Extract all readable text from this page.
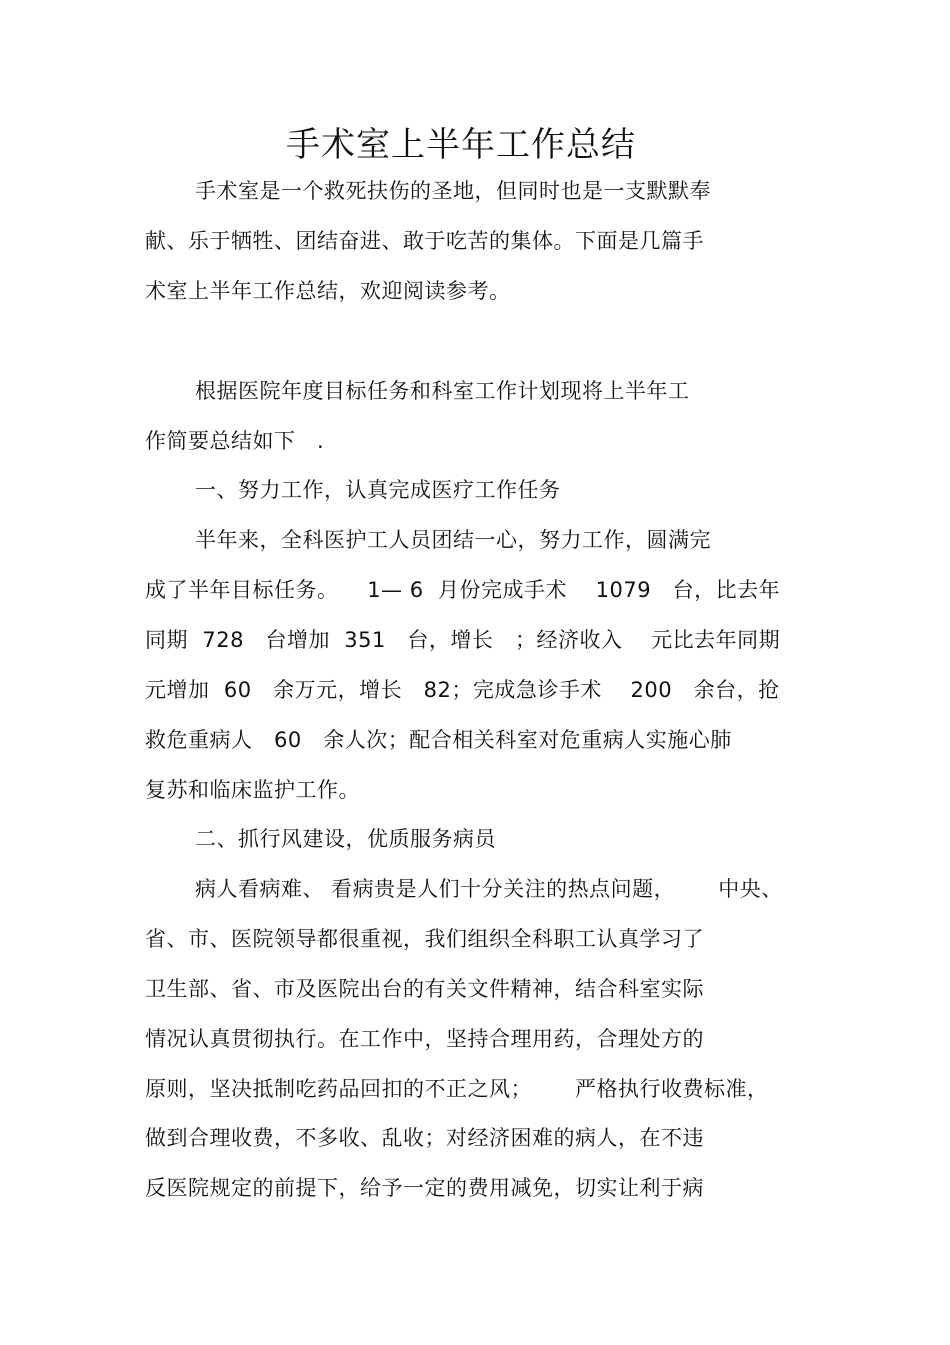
手术室上半年工作总结
手术室是一个救死扶伤的圣地，但同时也是一支默默奉
献、乐于牺牲、团结奋进、敢于吃苦的集体。下面是几篇手
术室上半年工作总结，欢迎阅读参考。
根据医院年度目标任务和科室工作计划现将上半年工
作简要总结如下   .
一、努力工作，认真完成医疗工作任务
半年来，全科医护工人员团结一心，努力工作，圆满完
成了半年目标任务。    1— 6  月份完成手术    1079   台，比去年
同期  728   台增加  351   台，增长   ；经济收入    元比去年同期
元增加  60   余万元，增长   82；完成急诊手术    200   余台，抢
救危重病人   60   余人次；配合相关科室对危重病人实施心肺
复苏和临床监护工作。
二、抓行风建设，优质服务病员
病人看病难、 看病贵是人们十分关注的热点问题，      中央、
省、市、医院领导都很重视，我们组织全科职工认真学习了
卫生部、省、市及医院出台的有关文件精神，结合科室实际
情况认真贯彻执行。在工作中，坚持合理用药，合理处方的
原则，坚决抵制吃药品回扣的不正之风；      严格执行收费标准，
做到合理收费，不多收、乱收；对经济困难的病人，在不违
反医院规定的前提下，给予一定的费用减免，切实让利于病
